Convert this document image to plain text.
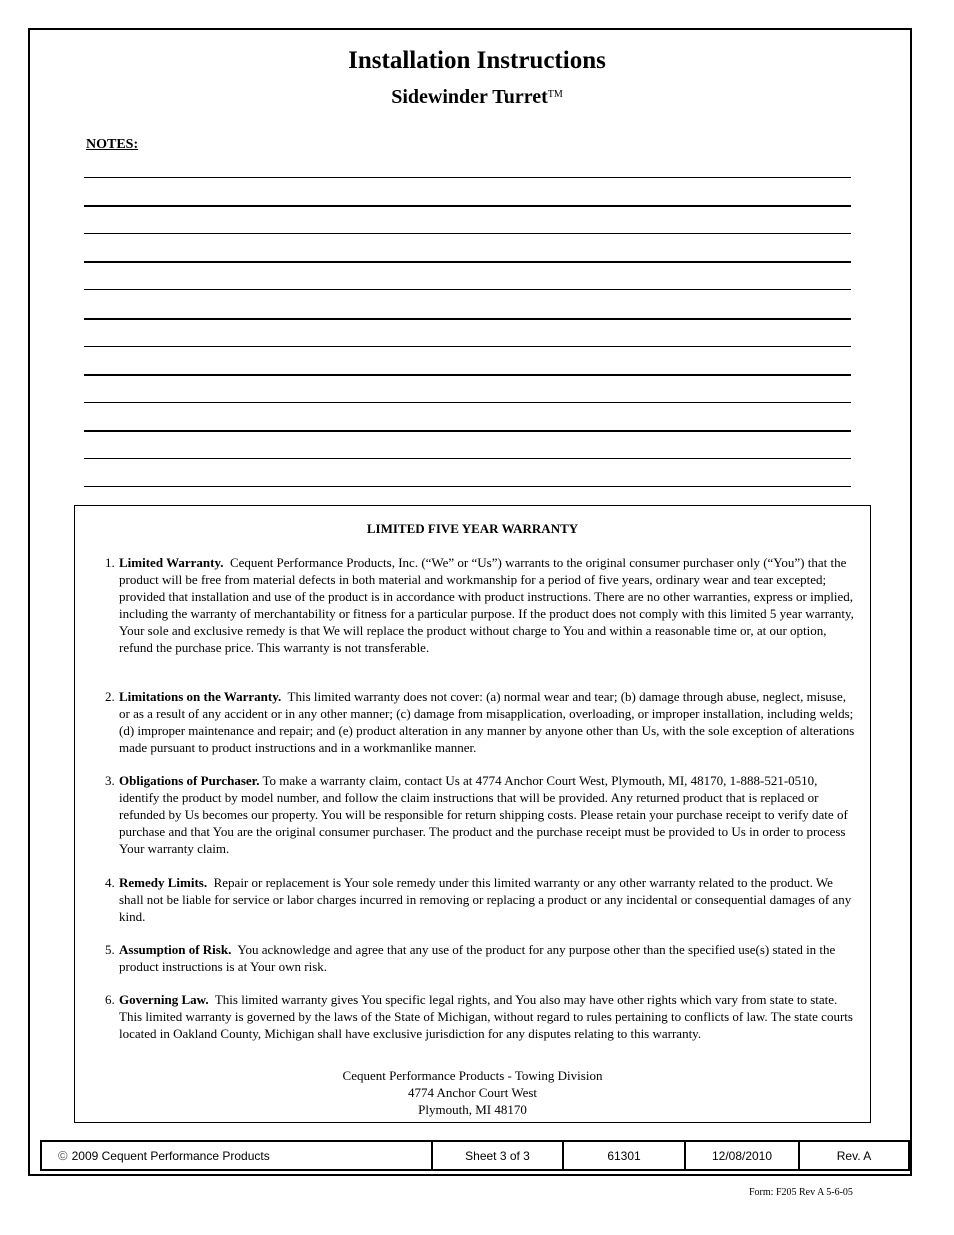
Installation Instructions
Sidewinder Turret™
NOTES:
LIMITED FIVE YEAR WARRANTY
1. Limited Warranty. Cequent Performance Products, Inc. (“We” or “Us”) warrants to the original consumer purchaser only (“You”) that the product will be free from material defects in both material and workmanship for a period of five years, ordinary wear and tear excepted; provided that installation and use of the product is in accordance with product instructions. There are no other warranties, express or implied, including the warranty of merchantability or fitness for a particular purpose. If the product does not comply with this limited 5 year warranty, Your sole and exclusive remedy is that We will replace the product without charge to You and within a reasonable time or, at our option, refund the purchase price. This warranty is not transferable.
2. Limitations on the Warranty. This limited warranty does not cover: (a) normal wear and tear; (b) damage through abuse, neglect, misuse, or as a result of any accident or in any other manner; (c) damage from misapplication, overloading, or improper installation, including welds; (d) improper maintenance and repair; and (e) product alteration in any manner by anyone other than Us, with the sole exception of alterations made pursuant to product instructions and in a workmanlike manner.
3. Obligations of Purchaser. To make a warranty claim, contact Us at 4774 Anchor Court West, Plymouth, MI, 48170, 1-888-521-0510, identify the product by model number, and follow the claim instructions that will be provided. Any returned product that is replaced or refunded by Us becomes our property. You will be responsible for return shipping costs. Please retain your purchase receipt to verify date of purchase and that You are the original consumer purchaser. The product and the purchase receipt must be provided to Us in order to process Your warranty claim.
4. Remedy Limits. Repair or replacement is Your sole remedy under this limited warranty or any other warranty related to the product. We shall not be liable for service or labor charges incurred in removing or replacing a product or any incidental or consequential damages of any kind.
5. Assumption of Risk. You acknowledge and agree that any use of the product for any purpose other than the specified use(s) stated in the product instructions is at Your own risk.
6. Governing Law. This limited warranty gives You specific legal rights, and You also may have other rights which vary from state to state. This limited warranty is governed by the laws of the State of Michigan, without regard to rules pertaining to conflicts of law. The state courts located in Oakland County, Michigan shall have exclusive jurisdiction for any disputes relating to this warranty.
Cequent Performance Products - Towing Division
4774 Anchor Court West
Plymouth, MI 48170
© 2009 Cequent Performance Products	Sheet 3 of 3	61301	12/08/2010	Rev. A
Form: F205 Rev A 5-6-05
